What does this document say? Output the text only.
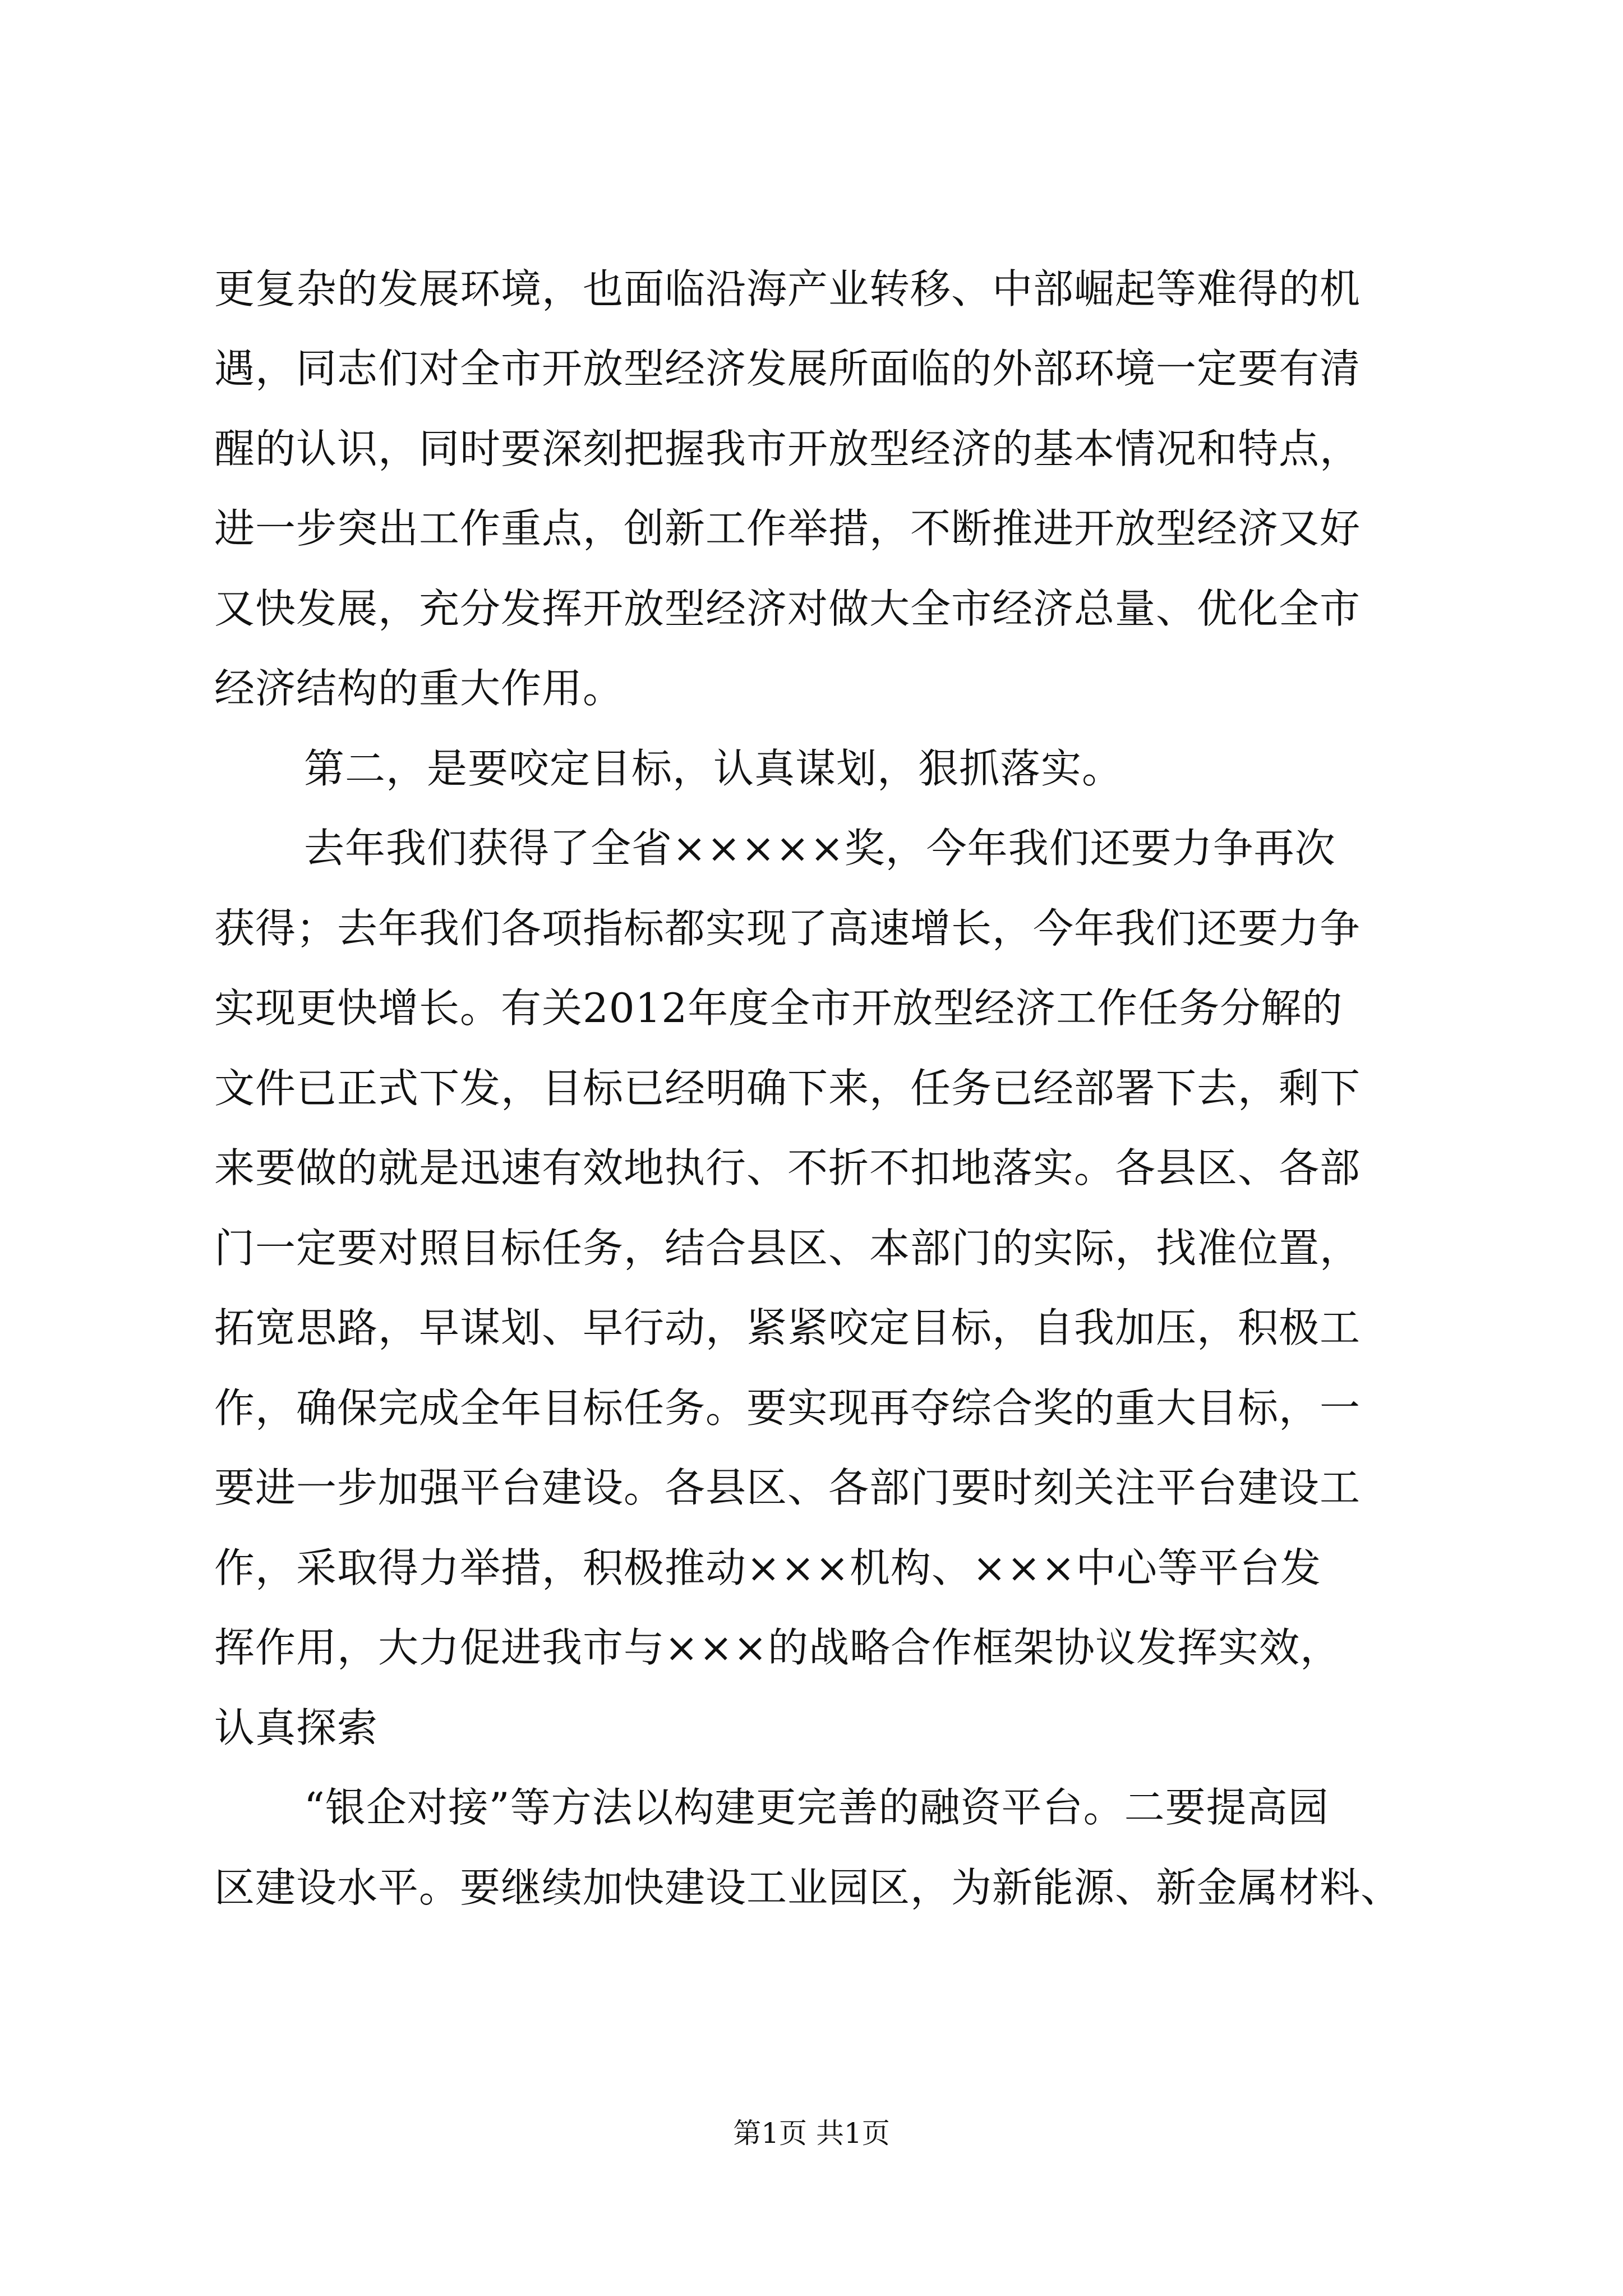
更复杂的发展环境，也面临沿海产业转移、中部崛起等难得的机
遇，同志们对全市开放型经济发展所面临的外部环境一定要有清
醒的认识，同时要深刻把握我市开放型经济的基本情况和特点，
进一步突出工作重点，创新工作举措，不断推进开放型经济又好
又快发展，充分发挥开放型经济对做大全市经济总量、优化全市
经济结构的重大作用。
第二，是要咬定目标，认真谋划，狠抓落实。
去年我们获得了全省×××××奖，今年我们还要力争再次
获得；去年我们各项指标都实现了高速增长，今年我们还要力争
实现更快增长。有关2012年度全市开放型经济工作任务分解的
文件已正式下发，目标已经明确下来，任务已经部署下去，剩下
来要做的就是迅速有效地执行、不折不扣地落实。各县区、各部
门一定要对照目标任务，结合县区、本部门的实际，找准位置，
拓宽思路，早谋划、早行动，紧紧咬定目标，自我加压，积极工
作，确保完成全年目标任务。要实现再夺综合奖的重大目标，一
要进一步加强平台建设。各县区、各部门要时刻关注平台建设工
作，采取得力举措，积极推动×××机构、×××中心等平台发
挥作用，大力促进我市与×××的战略合作框架协议发挥实效，
认真探索
“银企对接”等方法以构建更完善的融资平台。二要提高园
区建设水平。要继续加快建设工业园区，为新能源、新金属材料、
第1页 共1页
